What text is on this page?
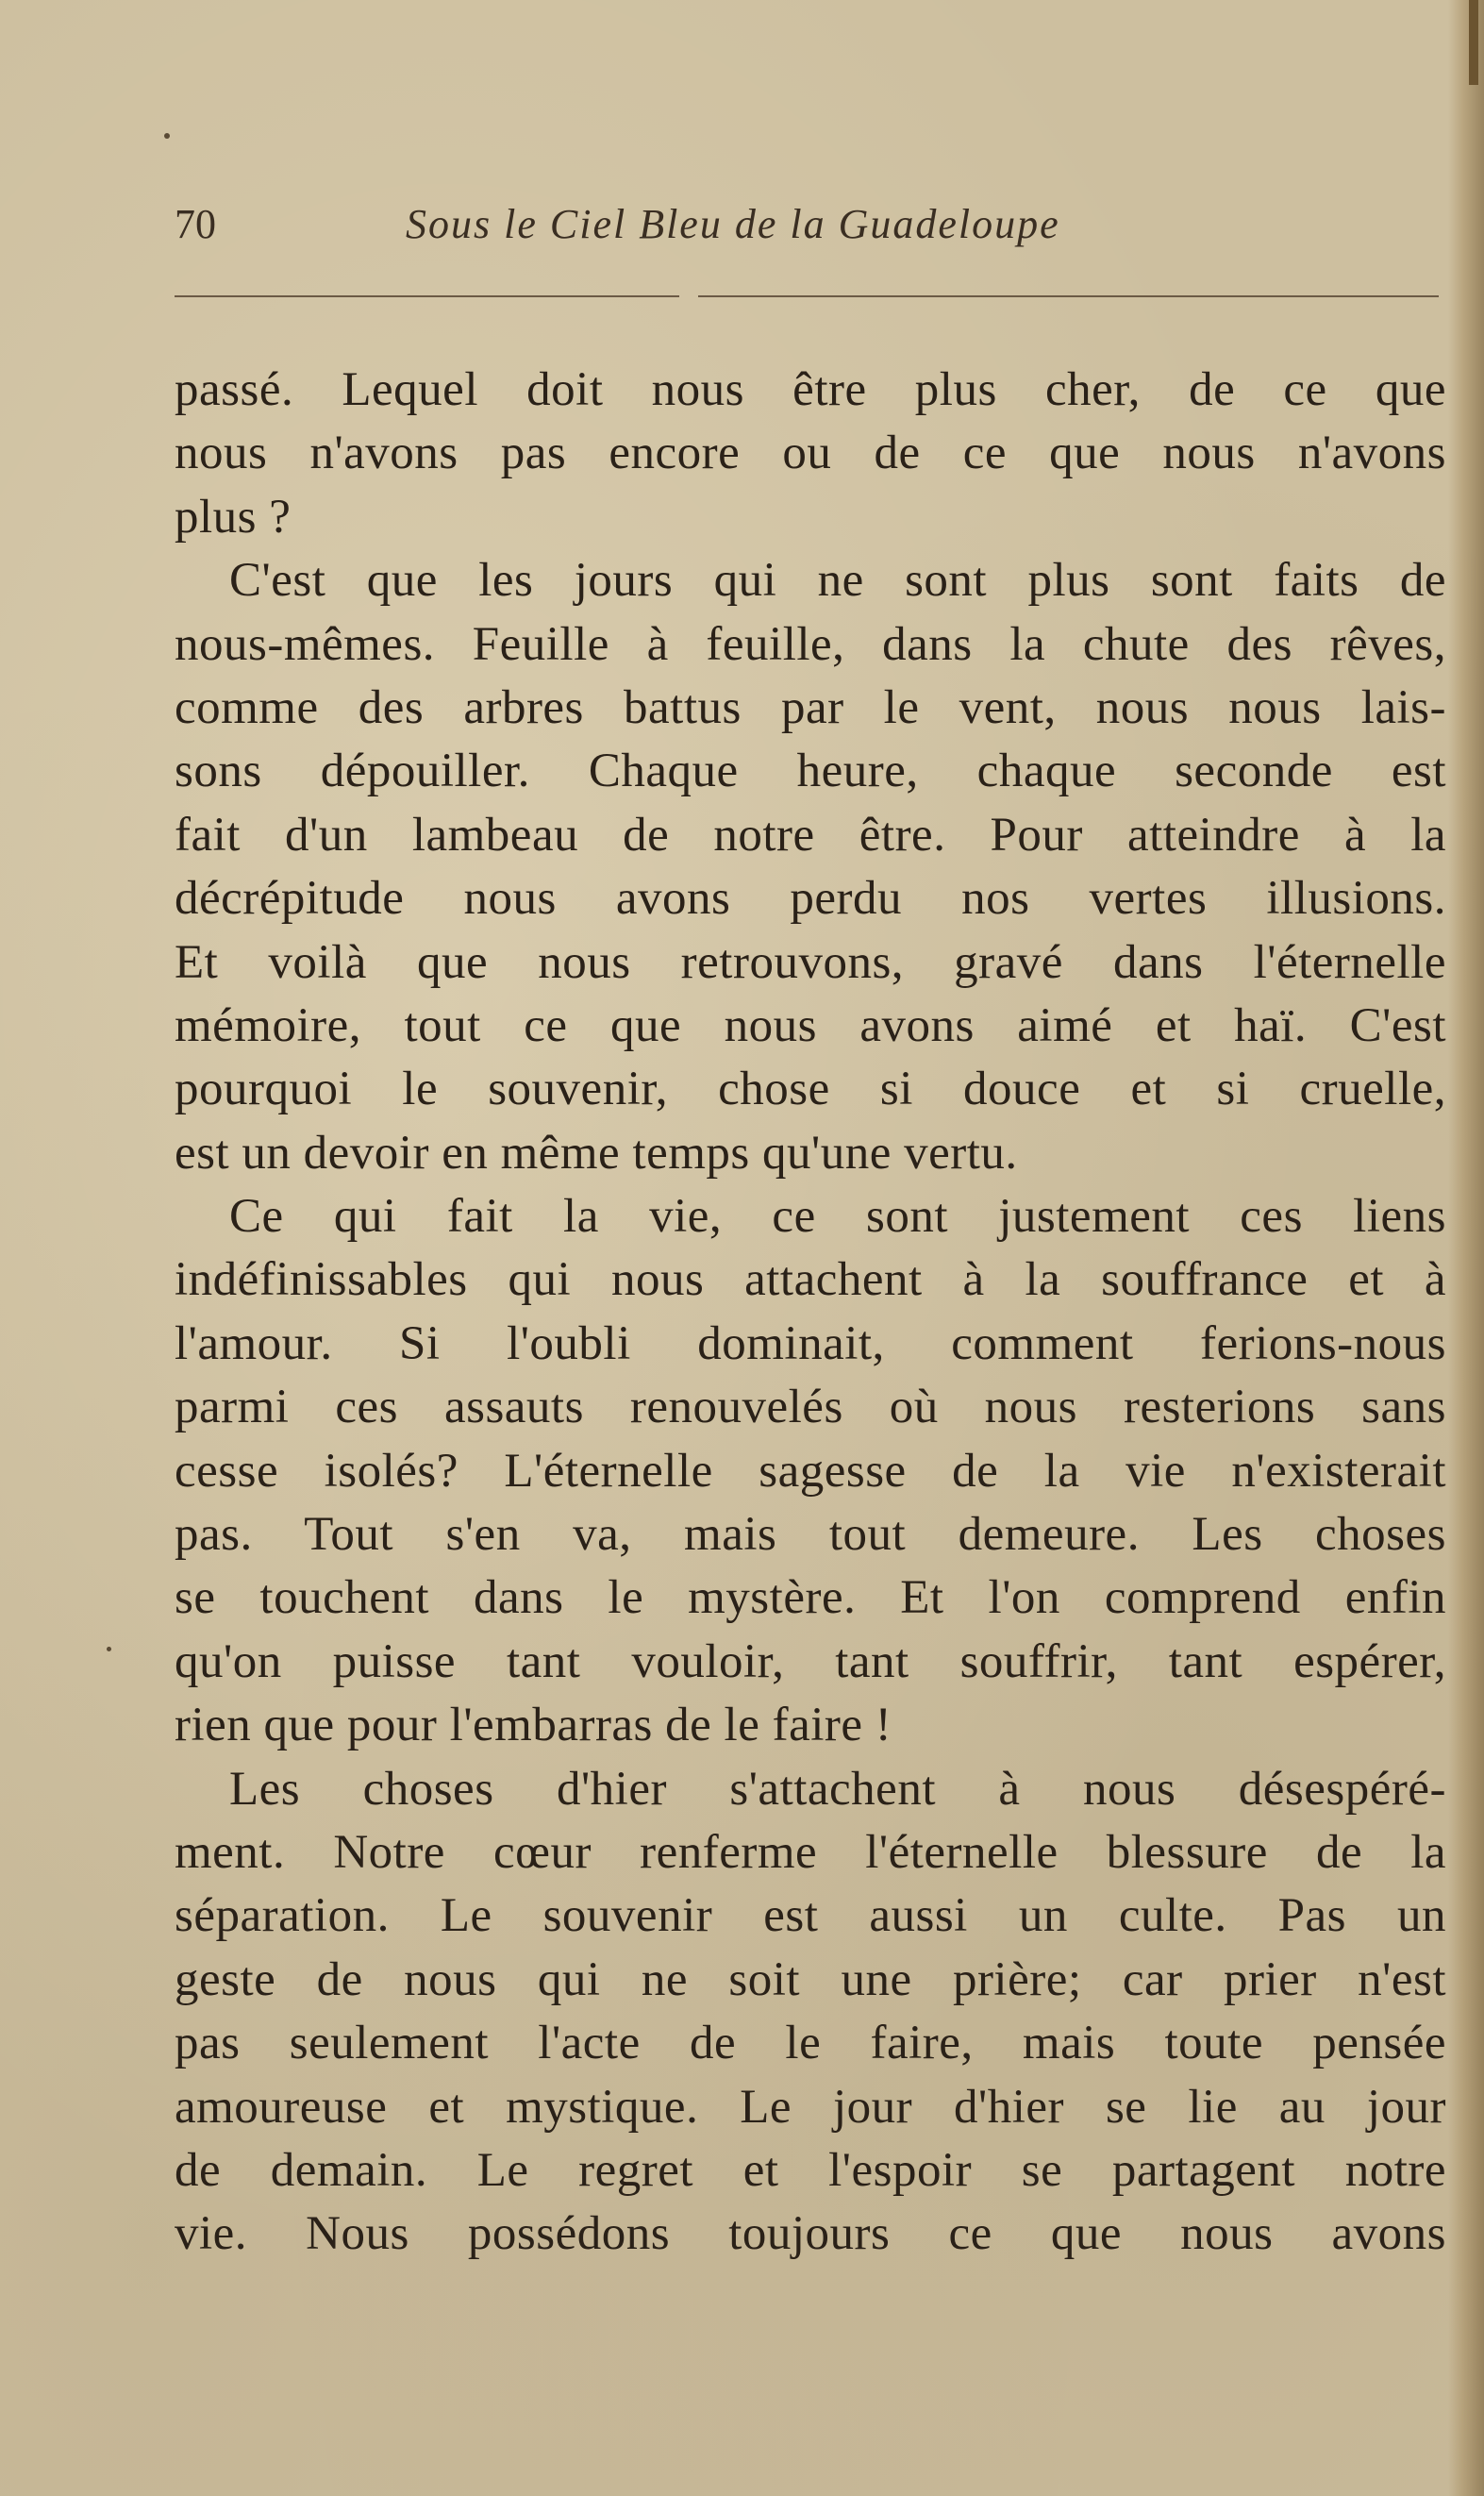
70	Sous le Ciel Bleu de la Guadeloupe
passé. Lequel doit nous être plus cher, de ce que
nous n'avons pas encore ou de ce que nous n'avons
plus ?
C'est que les jours qui ne sont plus sont faits de
nous-mêmes. Feuille à feuille, dans la chute des rêves,
comme des arbres battus par le vent, nous nous lais-
sons dépouiller. Chaque heure, chaque seconde est
fait d'un lambeau de notre être. Pour atteindre à la
décrépitude nous avons perdu nos vertes illusions.
Et voilà que nous retrouvons, gravé dans l'éternelle
mémoire, tout ce que nous avons aimé et haï. C'est
pourquoi le souvenir, chose si douce et si cruelle,
est un devoir en même temps qu'une vertu.
Ce qui fait la vie, ce sont justement ces liens
indéfinissables qui nous attachent à la souffrance et à
l'amour. Si l'oubli dominait, comment ferions-nous
parmi ces assauts renouvelés où nous resterions sans
cesse isolés? L'éternelle sagesse de la vie n'existerait
pas. Tout s'en va, mais tout demeure. Les choses
se touchent dans le mystère. Et l'on comprend enfin
qu'on puisse tant vouloir, tant souffrir, tant espérer,
rien que pour l'embarras de le faire !
Les choses d'hier s'attachent à nous désespéré-
ment. Notre cœur renferme l'éternelle blessure de la
séparation. Le souvenir est aussi un culte. Pas un
geste de nous qui ne soit une prière; car prier n'est
pas seulement l'acte de le faire, mais toute pensée
amoureuse et mystique. Le jour d'hier se lie au jour
de demain. Le regret et l'espoir se partagent notre
vie. Nous possédons toujours ce que nous avons
